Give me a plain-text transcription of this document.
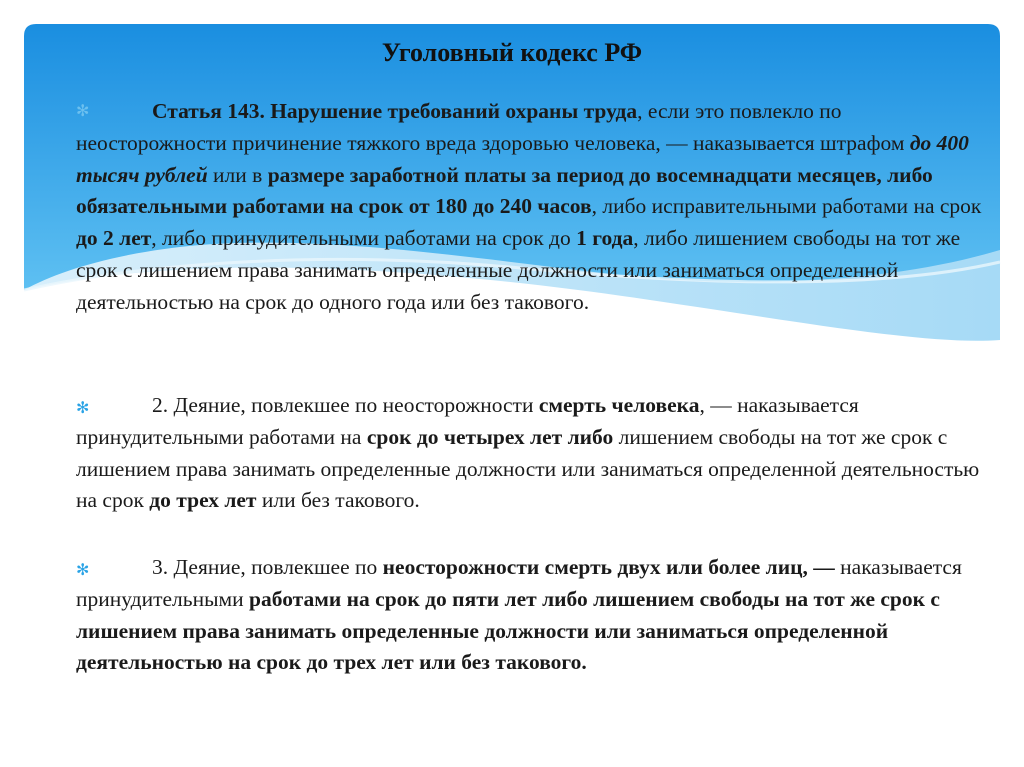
Уголовный кодекс РФ
✻	Статья 143. Нарушение требований охраны труда, если это повлекло по неосторожности причинение тяжкого вреда здоровью человека, — наказывается штрафом до 400 тысяч рублей или в размере заработной платы за период до восемнадцати месяцев, либо обязательными работами на срок от 180 до 240 часов, либо исправительными работами на срок до 2 лет, либо принудительными работами на срок до 1 года, либо лишением свободы на тот же срок с лишением права занимать определенные должности или заниматься определенной деятельностью на срок до одного года или без такового.
✻	2. Деяние, повлекшее по неосторожности смерть человека, — наказывается принудительными работами на срок до четырех лет либо лишением свободы на тот же срок с лишением права занимать определенные должности или заниматься определенной деятельностью на срок до трех лет или без такового.
✻	3. Деяние, повлекшее по неосторожности смерть двух или более лиц, — наказывается принудительными работами на срок до пяти лет либо лишением свободы на тот же срок с лишением права занимать определенные должности или заниматься определенной деятельностью на срок до трех лет или без такового.
